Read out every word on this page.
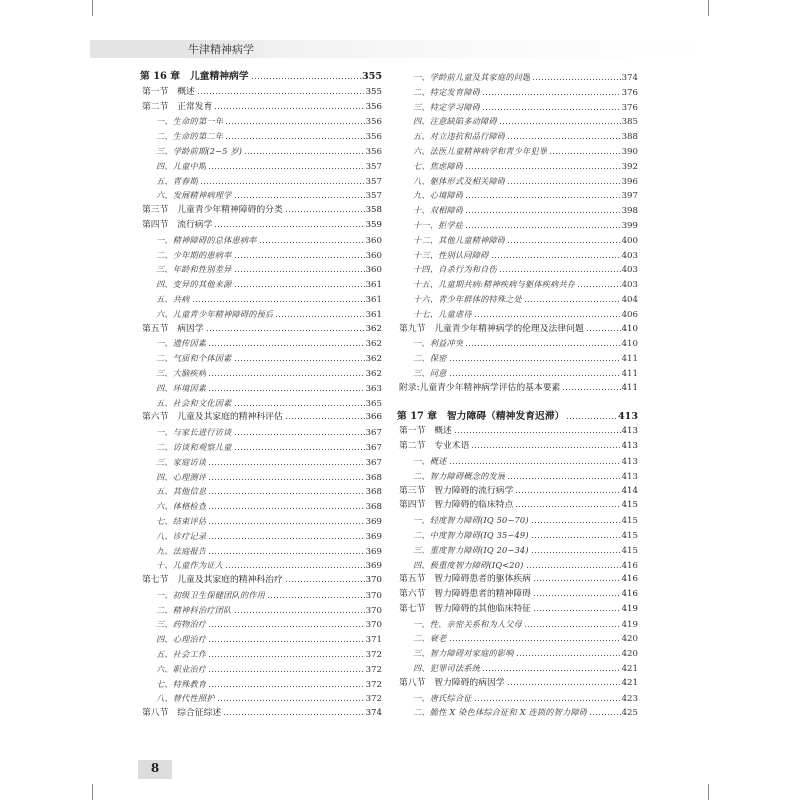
牛津精神病学
第 16 章　儿童精神病学	355
第一节　概述	355
第二节　正常发育	356
一、生命的第一年	356
二、生命的第二年	356
三、学龄前期(2~5 岁)	356
四、儿童中期	357
五、青春期	357
六、发展精神病理学	357
第三节　儿童青少年精神障碍的分类	358
第四节　流行病学	359
一、精神障碍的总体患病率	360
二、少年期的患病率	360
三、年龄和性别差异	360
四、变异的其他来源	361
五、共病	361
六、儿童青少年精神障碍的预后	361
第五节　病因学	362
一、遗传因素	362
二、气质和个体因素	362
三、大脑疾病	362
四、环境因素	363
五、社会和文化因素	365
第六节　儿童及其家庭的精神科评估	366
一、与家长进行访谈	367
二、访谈和观察儿童	367
三、家庭访谈	367
四、心理测评	368
五、其他信息	368
六、体格检查	368
七、结束评估	369
八、诊疗记录	369
九、法庭报告	369
十、儿童作为证人	369
第七节　儿童及其家庭的精神科治疗	370
一、初级卫生保健团队的作用	370
二、精神科治疗团队	370
三、药物治疗	370
四、心理治疗	371
五、社会工作	372
六、职业治疗	372
七、特殊教育	372
八、替代性照护	372
第八节　综合征综述	374
一、学龄前儿童及其家庭的问题	374
二、特定发育障碍	376
三、特定学习障碍	376
四、注意缺陷多动障碍	385
五、对立违抗和品行障碍	388
六、法医儿童精神病学和青少年犯罪	390
七、焦虑障碍	392
八、躯体形式及相关障碍	396
九、心境障碍	397
十、双相障碍	398
十一、拒学症	399
十二、其他儿童精神障碍	400
十三、性别认同障碍	403
十四、自杀行为和自伤	403
十五、儿童期共病:精神疾病与躯体疾病共存	403
十六、青少年群体的特殊之处	404
十七、儿童虐待	406
第九节　儿童青少年精神病学的伦理及法律问题	410
一、利益冲突	410
二、保密	411
三、同意	411
附录:儿童青少年精神病学评估的基本要素	411
第 17 章　智力障碍（精神发育迟滞）	413
第一节　概述	413
第二节　专业术语	413
一、概述	413
二、智力障碍概念的发展	413
第三节　智力障碍的流行病学	414
第四节　智力障碍的临床特点	415
一、轻度智力障碍(IQ 50~70)	415
二、中度智力障碍(IQ 35~49)	415
三、重度智力障碍(IQ 20~34)	415
四、极重度智力障碍(IQ<20)	416
第五节　智力障碍患者的躯体疾病	416
第六节　智力障碍患者的精神障碍	416
第七节　智力障碍的其他临床特征	419
一、性、亲密关系和为人父母	419
二、衰老	420
三、智力障碍对家庭的影响	420
四、犯罪司法系统	421
第八节　智力障碍的病因学	421
一、唐氏综合征	423
二、脆性 X 染色体综合征和 X 连锁的智力障碍	425
8
